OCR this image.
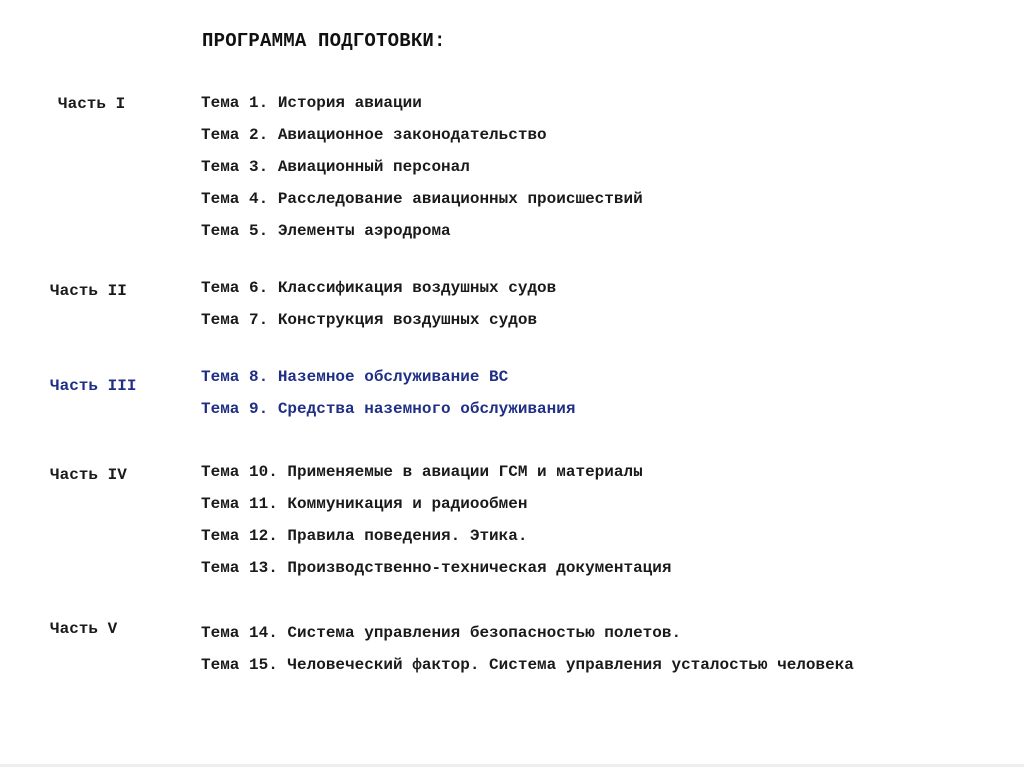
ПРОГРАММА ПОДГОТОВКИ:
Часть I	Тема 1. История авиации
Тема 2. Авиационное законодательство
Тема 3. Авиационный персонал
Тема 4. Расследование авиационных происшествий
Тема 5. Элементы аэродрома
Часть II	Тема 6. Классификация воздушных судов
Тема 7. Конструкция воздушных судов
Часть III	Тема 8. Наземное обслуживание ВС
Тема 9. Средства наземного обслуживания
Часть IV	Тема 10. Применяемые в авиации ГСМ и материалы
Тема 11. Коммуникация и радиообмен
Тема 12. Правила поведения. Этика.
Тема 13. Производственно-техническая документация
Часть V	Тема 14. Система управления безопасностью полетов.
Тема 15. Человеческий фактор. Система управления усталостью человека
